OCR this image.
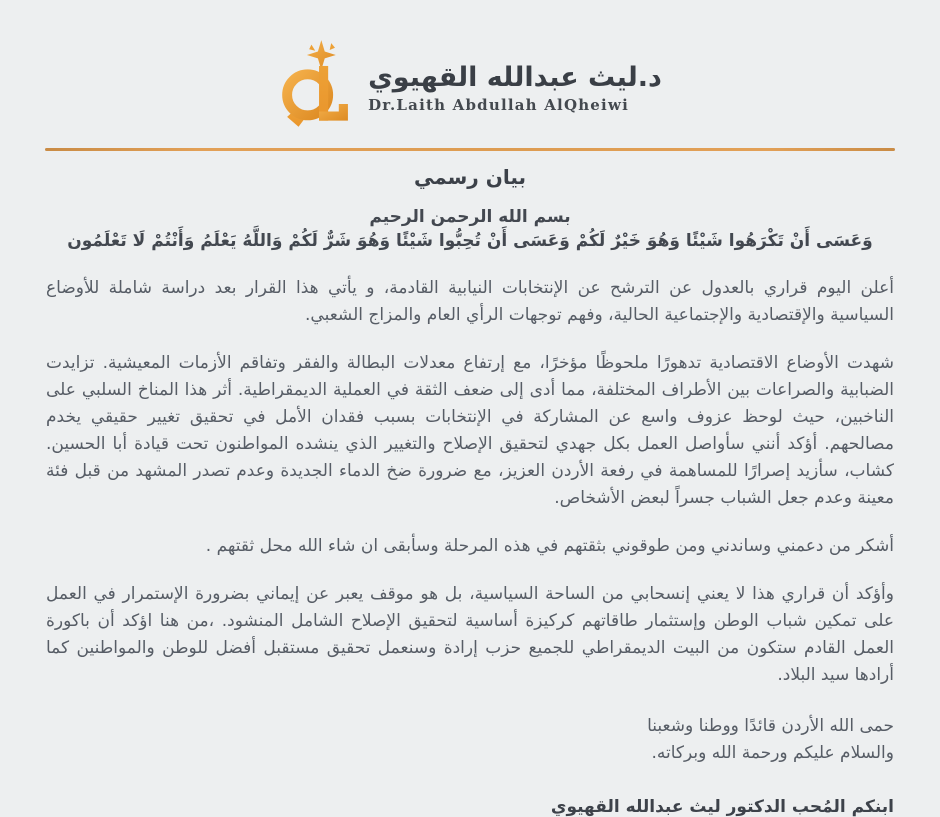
د.ليث عبدالله القهيوي
Dr.Laith Abdullah AlQheiwi
بيان رسمي
بسم الله الرحمن الرحيم
وَعَسَى أَنْ تَكْرَهُوا شَيْئًا وَهُوَ خَيْرٌ لَكُمْ وَعَسَى أَنْ تُحِبُّوا شَيْئًا وَهُوَ شَرٌّ لَكُمْ وَاللَّهُ يَعْلَمُ وَأَنْتُمْ لَا تَعْلَمُون

أعلن اليوم قراري بالعدول عن الترشح عن الإنتخابات النيابية القادمة، و يأتي هذا القرار بعد دراسة شاملة للأوضاع السياسية والإقتصادية والإجتماعية الحالية، وفهم توجهات الرأي العام والمزاج الشعبي.

شهدت الأوضاع الاقتصادية تدهورًا ملحوظًا مؤخرًا، مع إرتفاع معدلات البطالة والفقر وتفاقم الأزمات المعيشية. تزايدت الضبابية والصراعات بين الأطراف المختلفة، مما أدى إلى ضعف الثقة في العملية الديمقراطية. أثر هذا المناخ السلبي على الناخبين، حيث لوحظ عزوف واسع عن المشاركة في الإنتخابات بسبب فقدان الأمل في تحقيق تغيير حقيقي يخدم مصالحهم. أؤكد أنني سأواصل العمل بكل جهدي لتحقيق الإصلاح والتغيير الذي ينشده المواطنون تحت قيادة أبا الحسين. كشاب، سأزيد إصرارًا للمساهمة في رفعة الأردن العزيز، مع ضرورة ضخ الدماء الجديدة وعدم تصدر المشهد من قبل فئة معينة وعدم جعل الشباب جسراً لبعض الأشخاص.

أشكر من دعمني وساندني ومن طوقوني بثقتهم في هذه المرحلة وسأبقى ان شاء الله محل ثقتهم .

وأؤكد أن قراري هذا لا يعني إنسحابي من الساحة السياسية، بل هو موقف يعبر عن إيماني بضرورة الإستمرار في العمل على تمكين شباب الوطن وإستثمار طاقاتهم كركيزة أساسية لتحقيق الإصلاح الشامل المنشود. ،من هنا اؤكد أن باكورة العمل القادم ستكون من البيت الديمقراطي للجميع حزب إرادة وسنعمل تحقيق مستقبل أفضل للوطن والمواطنين كما أرادها سيد البلاد.

حمى الله الأردن قائدًا ووطنا وشعبنا
والسلام عليكم ورحمة الله وبركاته.
ابنكم المُحب الدكتور ليث عبدالله القهيوي
